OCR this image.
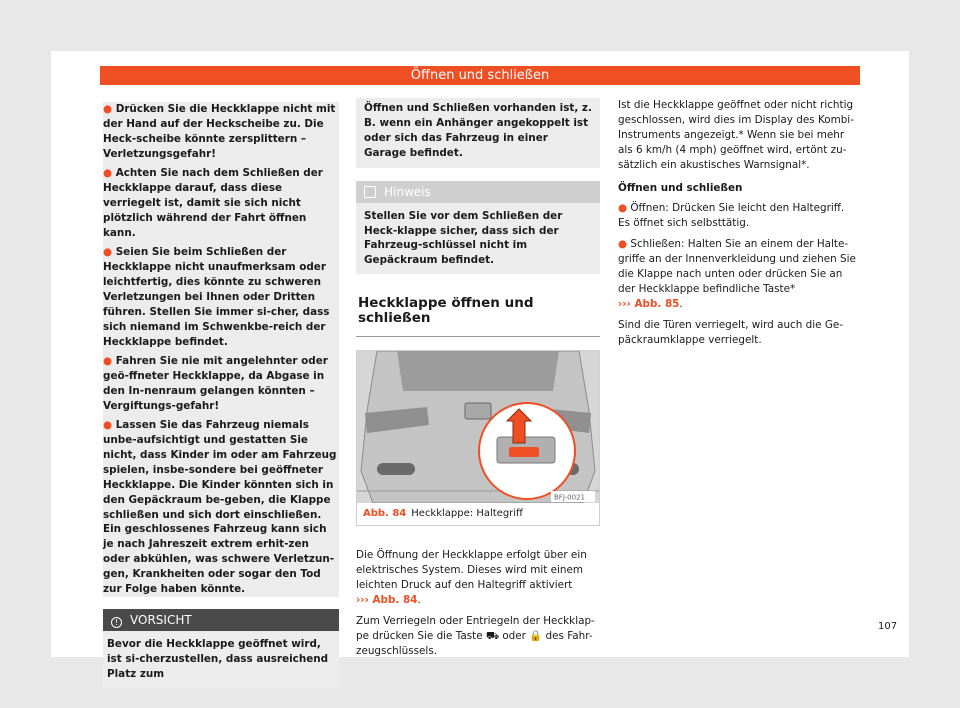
Öffnen und schließen
● Drücken Sie die Heckklappe nicht mit der Hand auf der Heckscheibe zu. Die Heck-scheibe könnte zersplittern – Verletzungsgefahr!
● Achten Sie nach dem Schließen der Heckklappe darauf, dass diese verriegelt ist, damit sie sich nicht plötzlich während der Fahrt öffnen kann.
● Seien Sie beim Schließen der Heckklappe nicht unaufmerksam oder leichtfertig, dies könnte zu schweren Verletzungen bei Ihnen oder Dritten führen. Stellen Sie immer si-cher, dass sich niemand im Schwenkbe-reich der Heckklappe befindet.
● Fahren Sie nie mit angelehnter oder geö-ffneter Heckklappe, da Abgase in den In-nenraum gelangen könnten – Vergiftungs-gefahr!
● Lassen Sie das Fahrzeug niemals unbe-aufsichtigt und gestatten Sie nicht, dass Kinder im oder am Fahrzeug spielen, insbe-sondere bei geöffneter Heckklappe. Die Kinder könnten sich in den Gepäckraum be-geben, die Klappe schließen und sich dort einschließen. Ein geschlossenes Fahrzeug kann sich je nach Jahreszeit extrem erhit-zen oder abkühlen, was schwere Verletzun-gen, Krankheiten oder sogar den Tod zur Folge haben könnte.
! VORSICHT
Bevor die Heckklappe geöffnet wird, ist si-cherzustellen, dass ausreichend Platz zum
Öffnen und Schließen vorhanden ist, z. B. wenn ein Anhänger angekoppelt ist oder sich das Fahrzeug in einer Garage befindet.
Hinweis
Stellen Sie vor dem Schließen der Heck-klappe sicher, dass sich der Fahrzeug-schlüssel nicht im Gepäckraum befindet.
Heckklappe öffnen und schließen
BFJ-0021
Abb. 84 Heckklappe: Haltegriff
Die Öffnung der Heckklappe erfolgt über ein elektrisches System. Dieses wird mit einem leichten Druck auf den Haltegriff aktiviert
››› Abb. 84.
Zum Verriegeln oder Entriegeln der Heckklap-pe drücken Sie die Taste ⛟ oder 🔒 des Fahr-zeugschlüssels.
Ist die Heckklappe geöffnet oder nicht richtig geschlossen, wird dies im Display des Kombi-Instruments angezeigt.* Wenn sie bei mehr als 6 km/h (4 mph) geöffnet wird, ertönt zu-sätzlich ein akustisches Warnsignal*.
Öffnen und schließen
● Öffnen: Drücken Sie leicht den Haltegriff. Es öffnet sich selbsttätig.
● Schließen: Halten Sie an einem der Halte-griffe an der Innenverkleidung und ziehen Sie die Klappe nach unten oder drücken Sie an der Heckklappe befindliche Taste*
››› Abb. 85.
Sind die Türen verriegelt, wird auch die Ge-päckraumklappe verriegelt.
107
